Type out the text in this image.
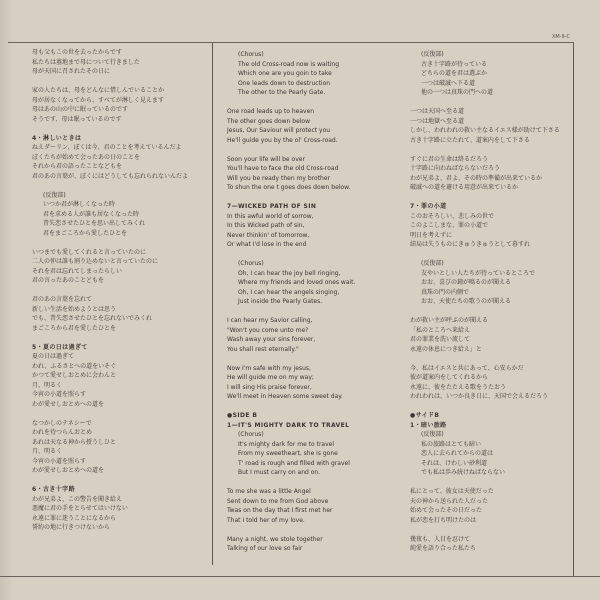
XM-9-C
母も父もこの世を去ったからです
私たちは墓地まで母について行きました
母が天国に召されたその日に
家の人たちは、母をどんなに惜しんでいることか
母が居なくなってから、すべてが淋しく見えます
母はあの山の中に眠っているのです
そうです、母は眠っているのです
4・淋しいときは
ねえダーリン、ぼくは今、君のことを考えているんだよ
ぼくたちが始めて会ったあの日のことを
それから君の語ったことなどもを
君のあの言葉が、ぼくにはどうしても忘れられないんだよ
(反復部)
いつか君が淋しくなった時
君を求める人が誰も居なくなった時
昔失恋させたひとを思い出してみくれ
君をまごころから愛したひとを
いつまでも愛してくれると言っていたのに
二人の仲は誰も割り込めないと言っていたのに
それを君は忘れてしまったらしい
君の言ったあのことどもを
君のあの言葉を忘れて
新しい生活を始めようとは思う
でも、昔失恋させたひとを忘れないでみくれ
まごころから君を愛したひとを
5・夏の日は過ぎて
夏の日は過ぎて
われ、ふるさとへの道をいそぐ
かつて愛せしおとめに会わんと
月、明るく
今宵の小道を照らす
わが愛せしおとめへの道を
なつかしのテネシーで
われを待つらんおとめ
あれは天なる神から授うしひと
月、明るく
今宵の小道を照らす
わが愛せしおとめへの道を
6・古き十字路
わが兄弟よ、この警告を聞き給え
悪魔に君の手をとらせてはいけない
永遠に罪に迷うことになるから
誓約の地に行きつけないから
(Chorus)
The old Cross-road now is waiting
Which one are you goin to take
One leads down to destruction
The other to the Pearly Gate.
One road leads up to heaven
The other goes down below
Jesus, Our Saviour will protect you
He'll guide you by the ol' Cross-road.
Soon your life will be over
You'll have to face the old Cross-road
Will you be ready then my brother
To shun the one t goes does down below.
7—WICKED PATH OF SIN
In this awful world of sorrow,
In this Wicked path of sin,
Never thinkin' of tomorrow,
Or what I'd lose in the end
(Chorus)
Oh, I can hear the joy bell ringing,
Where my friends and loved ones wait.
Oh, I can hear the angels singing,
Just inside the Pearly Gates.
I can hear my Savior calling,
"Won't you come unto me?
Wash away your sins forever,
You shall rest eternally."
Now I'm safe with my jesus,
He will guide me on my way;
I will sing His praise forever,
We'll meet in Heaven some sweet day.
●SIDE B
1—IT'S MIGHTY DARK TO TRAVEL
(Chorus)
It's mighty dark for me to travel
From my sweetheart, she is gone
T' road is rough and filled with gravel
But I must carry on and on.
To me she was a little Angel
Sent down to me from God above
Twas on the day that I first met her
That I told her of my love.
Many a night, we stole together
Talking of our love so fair
(反復部)
古き十字路が待っている
どちらの道を君は選ぶか
一つは破滅へ下る道
他の一つは真珠の門への道
一つは天国へ至る道
一つは地獄へ至る道
しかし、われわれの救い主なるイエス様が助けて下さる
古き十字路に立たれて、道案内をして下さる
すぐに君の生命は終るだろう
十字路に向わねばならないだろう
わが兄弟よ、君よ、その時の準備が出来ているか
破滅への道を避ける用意が出来ているか
7・罪の小道
このおそろしい、悲しみの世で
このよこしまな、罪の小道で
明日を考えずに
結局は失うものにきゅうきゅうとして暮すれ
(反復部)
友やいとしい人たちが待っているところで
おお、喜びの鐘が鳴るのが聞える
真珠の門の内側で
おお、天使たちの歌うのが聞える
わが救い主が呼ぶのが聞える
「私のところへ来給え
君の罪業を洗い流して
永遠の休息につき給え」と
今、私はイエスと共にあって、心安らかだ
彼が道案内をしてくれるから
永遠に、彼をたたえる歌をうたおう
われわれは、いつか良き日に、天国で会えるだろう
●サイドB
1・暗い旅路
(反復部)
私の旅路はとても暗い
恋人に去られてからの道は
それは、けわしい砂利道
でも私は歩み続けねばならない
私にとって、彼女は天使だった
天の神から送られた人だった
始めて会ったその日だった
私が恋を打ち明けたのは
幾夜も、人目を忍けて
純愛を語り合った私たち
